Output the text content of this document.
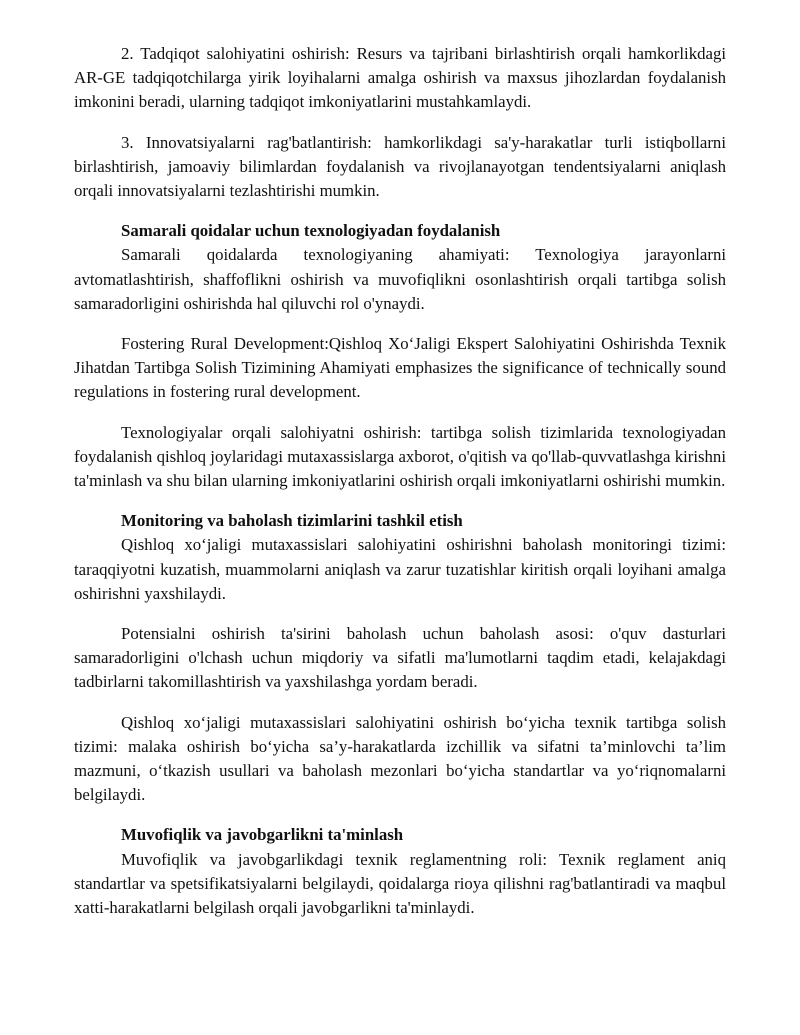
2. Tadqiqot salohiyatini oshirish: Resurs va tajribani birlashtirish orqali hamkorlikdagi AR-GE tadqiqotchilarga yirik loyihalarni amalga oshirish va maxsus jihozlardan foydalanish imkonini beradi, ularning tadqiqot imkoniyatlarini mustahkamlaydi.

3. Innovatsiyalarni rag'batlantirish: hamkorlikdagi sa'y-harakatlar turli istiqbollarni birlashtirish, jamoaviy bilimlardan foydalanish va rivojlanayotgan tendentsiyalarni aniqlash orqali innovatsiyalarni tezlashtirishi mumkin.

Samarali qoidalar uchun texnologiyadan foydalanish

Samarali qoidalarda texnologiyaning ahamiyati: Texnologiya jarayonlarni avtomatlashtirish, shaffoflikni oshirish va muvofiqlikni osonlashtirish orqali tartibga solish samaradorligini oshirishda hal qiluvchi rol o'ynaydi.

Fostering Rural Development:Qishloq Xo‘Jaligi Ekspert Salohiyatini Oshirishda Texnik Jihatdan Tartibga Solish Tizimining Ahamiyati emphasizes the significance of technically sound regulations in fostering rural development.

Texnologiyalar orqali salohiyatni oshirish: tartibga solish tizimlarida texnologiyadan foydalanish qishloq joylaridagi mutaxassislarga axborot, o'qitish va qo'llab-quvvatlashga kirishni ta'minlash va shu bilan ularning imkoniyatlarini oshirish orqali imkoniyatlarni oshirishi mumkin.

Monitoring va baholash tizimlarini tashkil etish

Qishloq xo‘jaligi mutaxassislari salohiyatini oshirishni baholash monitoringi tizimi: taraqqiyotni kuzatish, muammolarni aniqlash va zarur tuzatishlar kiritish orqali loyihani amalga oshirishni yaxshilaydi.

Potensialni oshirish ta'sirini baholash uchun baholash asosi: o'quv dasturlari samaradorligini o'lchash uchun miqdoriy va sifatli ma'lumotlarni taqdim etadi, kelajakdagi tadbirlarni takomillashtirish va yaxshilashga yordam beradi.

Qishloq xo‘jaligi mutaxassislari salohiyatini oshirish bo‘yicha texnik tartibga solish tizimi: malaka oshirish bo‘yicha sa’y-harakatlarda izchillik va sifatni ta’minlovchi ta’lim mazmuni, o‘tkazish usullari va baholash mezonlari bo‘yicha standartlar va yo‘riqnomalarni belgilaydi.

Muvofiqlik va javobgarlikni ta'minlash

Muvofiqlik va javobgarlikdagi texnik reglamentning roli: Texnik reglament aniq standartlar va spetsifikatsiyalarni belgilaydi, qoidalarga rioya qilishni rag'batlantiradi va maqbul xatti-harakatlarni belgilash orqali javobgarlikni ta'minlaydi.
